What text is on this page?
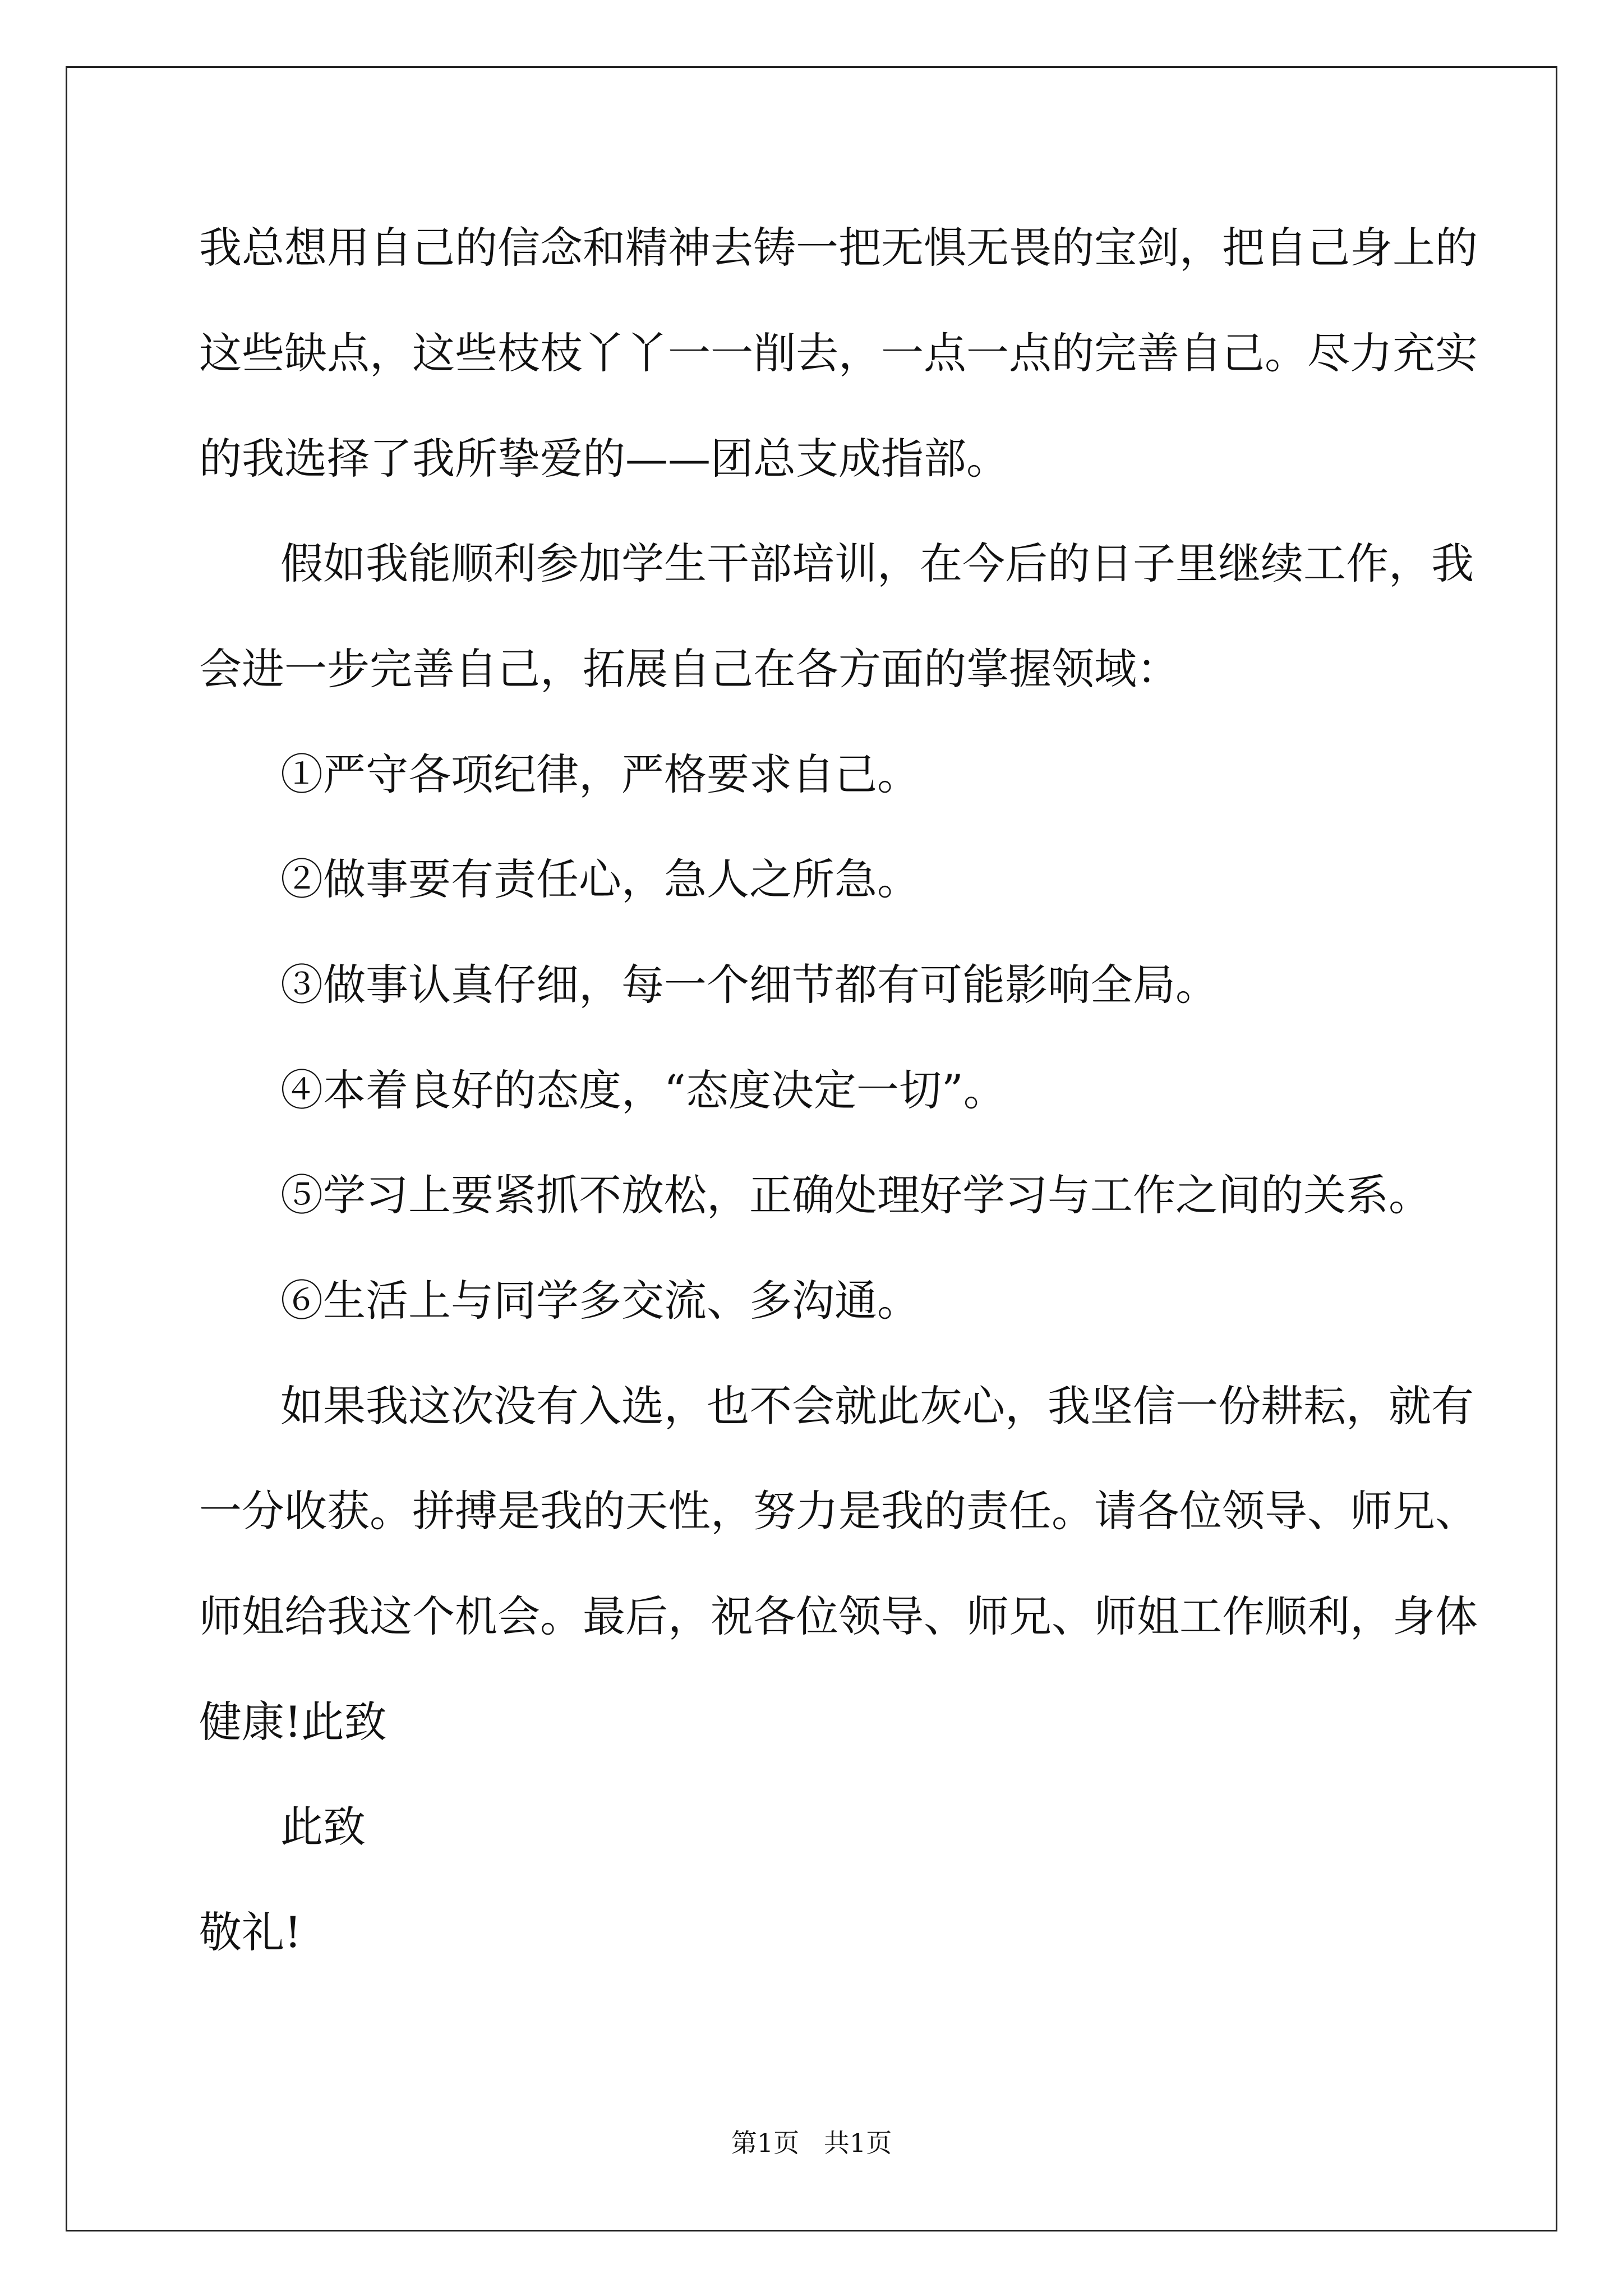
我总想用自己的信念和精神去铸一把无惧无畏的宝剑，把自己身上的
这些缺点，这些枝枝丫丫一一削去，一点一点的完善自己。尽力充实
的我选择了我所挚爱的——团总支成指部。
假如我能顺利参加学生干部培训，在今后的日子里继续工作，我
会进一步完善自己，拓展自己在各方面的掌握领域：
①严守各项纪律，严格要求自己。
②做事要有责任心，急人之所急。
③做事认真仔细，每一个细节都有可能影响全局。
④本着良好的态度，“态度决定一切”。
⑤学习上要紧抓不放松，正确处理好学习与工作之间的关系。
⑥生活上与同学多交流、多沟通。
如果我这次没有入选，也不会就此灰心，我坚信一份耕耘，就有
一分收获。拼搏是我的天性，努力是我的责任。请各位领导、师兄、
师姐给我这个机会。最后，祝各位领导、师兄、师姐工作顺利，身体
健康!此致
此致
敬礼!
第1页   共1页
